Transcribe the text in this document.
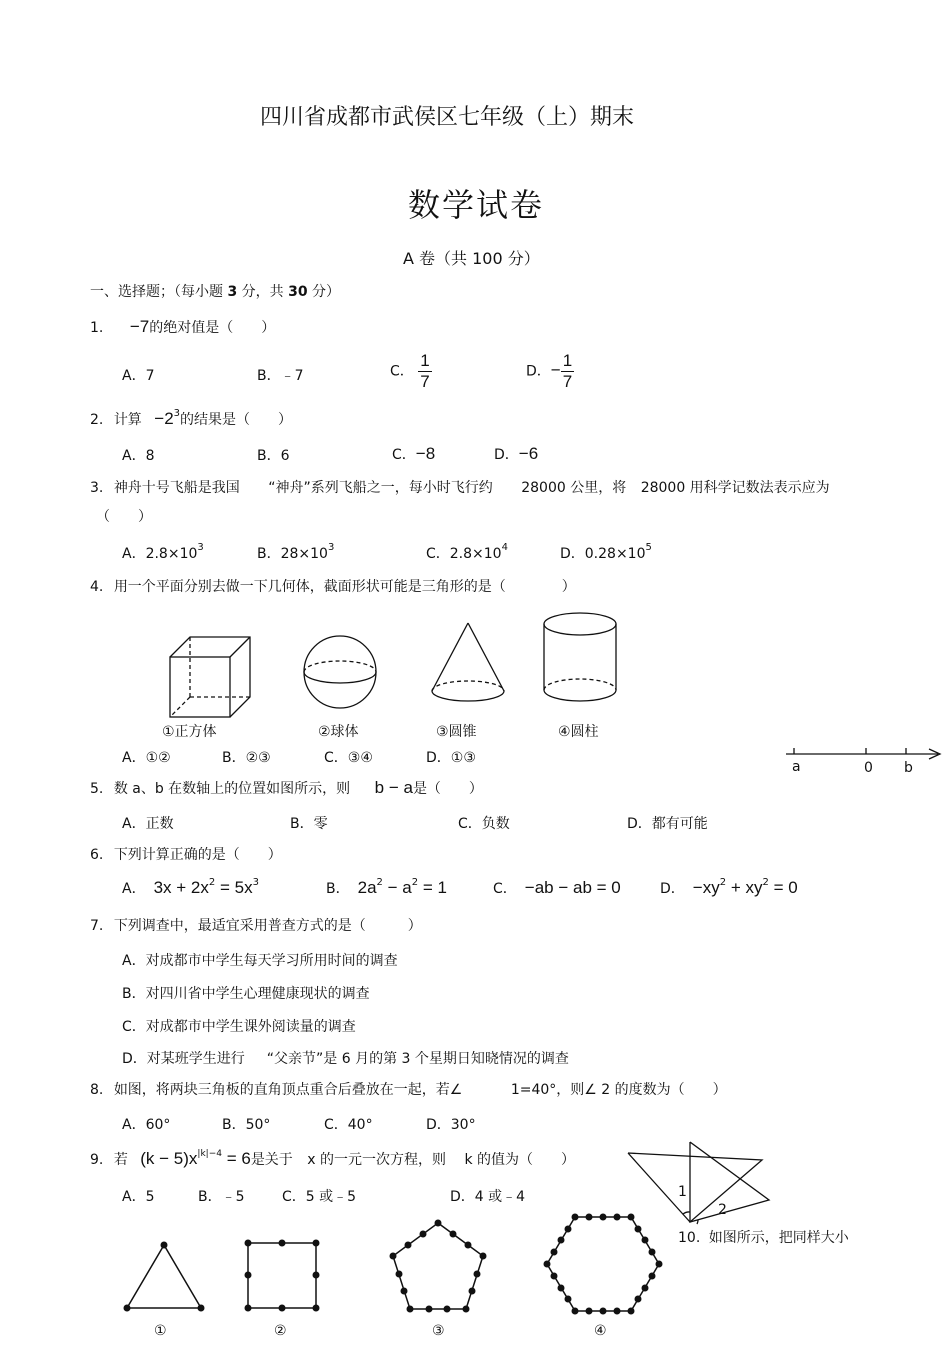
四川省成都市武侯区七年级（上）期末
数学试卷
A 卷（共 100 分）
一、选择题；（每小题 3 分，共 30 分）
1. −7的绝对值是（　　）
A．7	B．﹣7	C． $\frac{1}{7}$	D．− $\frac{1}{7}$
2. 计算 $-2^3$的结果是（　　）
A．8	B．6	C．−8	D．−6
3. 神舟十号飞船是我国 “神舟”系列飞船之一，每小时飞行约 28000 公里，将 28000 用科学记数法表示应为
（　　）
A．$2.8\times 10^3$	B．$28\times 10^3$	C．$2.8\times 10^4$	D．$0.28\times 10^5$
4. 用一个平面分别去做一下几何体，截面形状可能是三角形的是（　　　　）
①正方体	②球体	③圆锥	④圆柱
A．①②	B．②③	C．③④	D．①③
a	0 b
5. 数 a、b 在数轴上的位置如图所示，则 b − a是（　　）
A．正数	B．零	C．负数	D．都有可能
6. 下列计算正确的是（　　）
A． $3x + 2x^2 = 5x^3$	B． $2a^2 - a^2 = 1$	C． −ab − ab = 0	D． $-xy^2 + xy^2 = 0$
7. 下列调查中，最适宜采用普查方式的是（　　　）
A．对成都市中学生每天学习所用时间的调查
B．对四川省中学生心理健康现状的调查
C．对成都市中学生课外阅读量的调查
D．对某班学生进行 “父亲节”是 6 月的第 3 个星期日知晓情况的调查
8. 如图，将两块三角板的直角顶点重合后叠放在一起，若∠	1=40°，则∠ 2 的度数为（　　）
A．60°	B．50°	C．40°	D．30°
1
2
9. 若 $(k - 5)x^{|k|-4} = 6$是关于 x 的一元一次方程，则 k 的值为（　　）
A．5	B．﹣5	C．5 或﹣5	D．4 或﹣4
10. 如图所示，把同样大小
①	②	③	④
